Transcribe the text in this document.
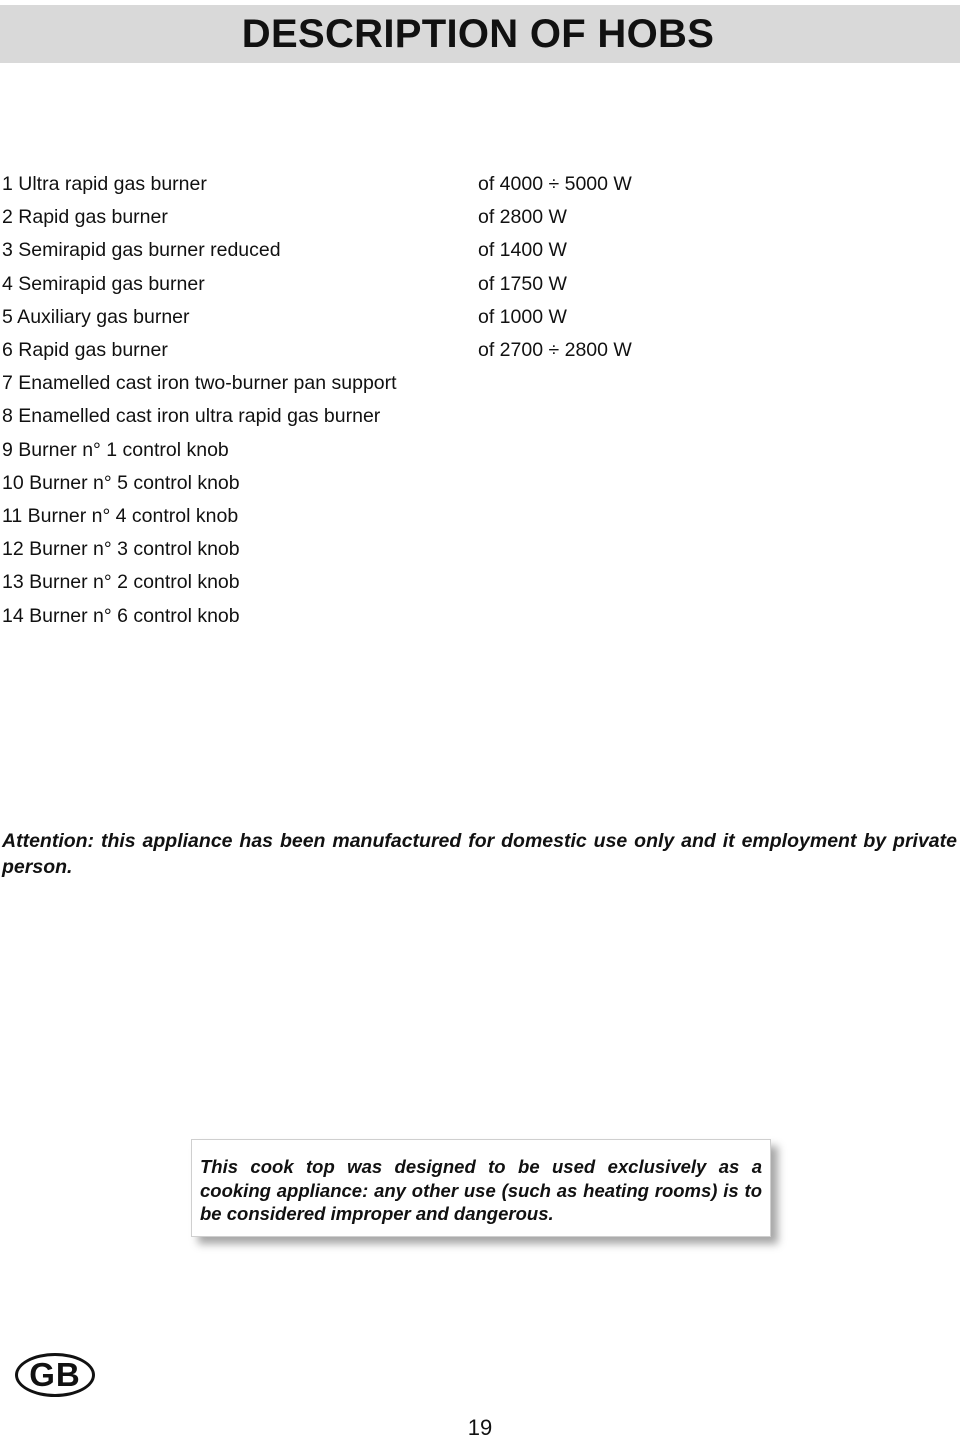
DESCRIPTION OF HOBS
1 Ultra rapid gas burner	of 4000 ÷ 5000 W
2 Rapid gas burner	of 2800 W
3 Semirapid gas burner reduced	of 1400 W
4 Semirapid gas burner	of 1750 W
5 Auxiliary gas burner	of 1000 W
6 Rapid gas burner	of 2700 ÷ 2800 W
7 Enamelled cast iron two-burner pan support
8 Enamelled cast iron ultra rapid gas burner
9 Burner n° 1 control knob
10 Burner n° 5 control knob
11 Burner n° 4 control knob
12 Burner n° 3 control knob
13 Burner n° 2 control knob
14 Burner n° 6 control knob

Attention: this appliance has been manufactured for domestic use only and it employment by private person.

This cook top was designed to be used exclusively as a cooking appliance: any other use (such as heating rooms) is to be considered improper and dangerous.
GB
19
